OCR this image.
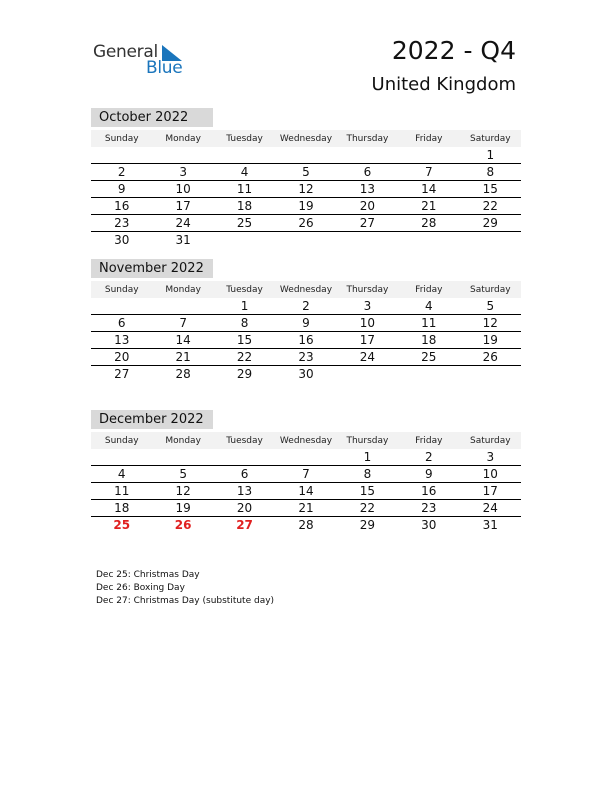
General
Blue
2022 - Q4
United Kingdom
October 2022
Sunday	Monday	Tuesday	Wednesday	Thursday	Friday	Saturday
						1
2	3	4	5	6	7	8
9	10	11	12	13	14	15
16	17	18	19	20	21	22
23	24	25	26	27	28	29
30	31					
November 2022
Sunday	Monday	Tuesday	Wednesday	Thursday	Friday	Saturday
		1	2	3	4	5
6	7	8	9	10	11	12
13	14	15	16	17	18	19
20	21	22	23	24	25	26
27	28	29	30			
December 2022
Sunday	Monday	Tuesday	Wednesday	Thursday	Friday	Saturday
				1	2	3
4	5	6	7	8	9	10
11	12	13	14	15	16	17
18	19	20	21	22	23	24
25	26	27	28	29	30	31
Dec 25: Christmas Day
Dec 26: Boxing Day
Dec 27: Christmas Day (substitute day)
